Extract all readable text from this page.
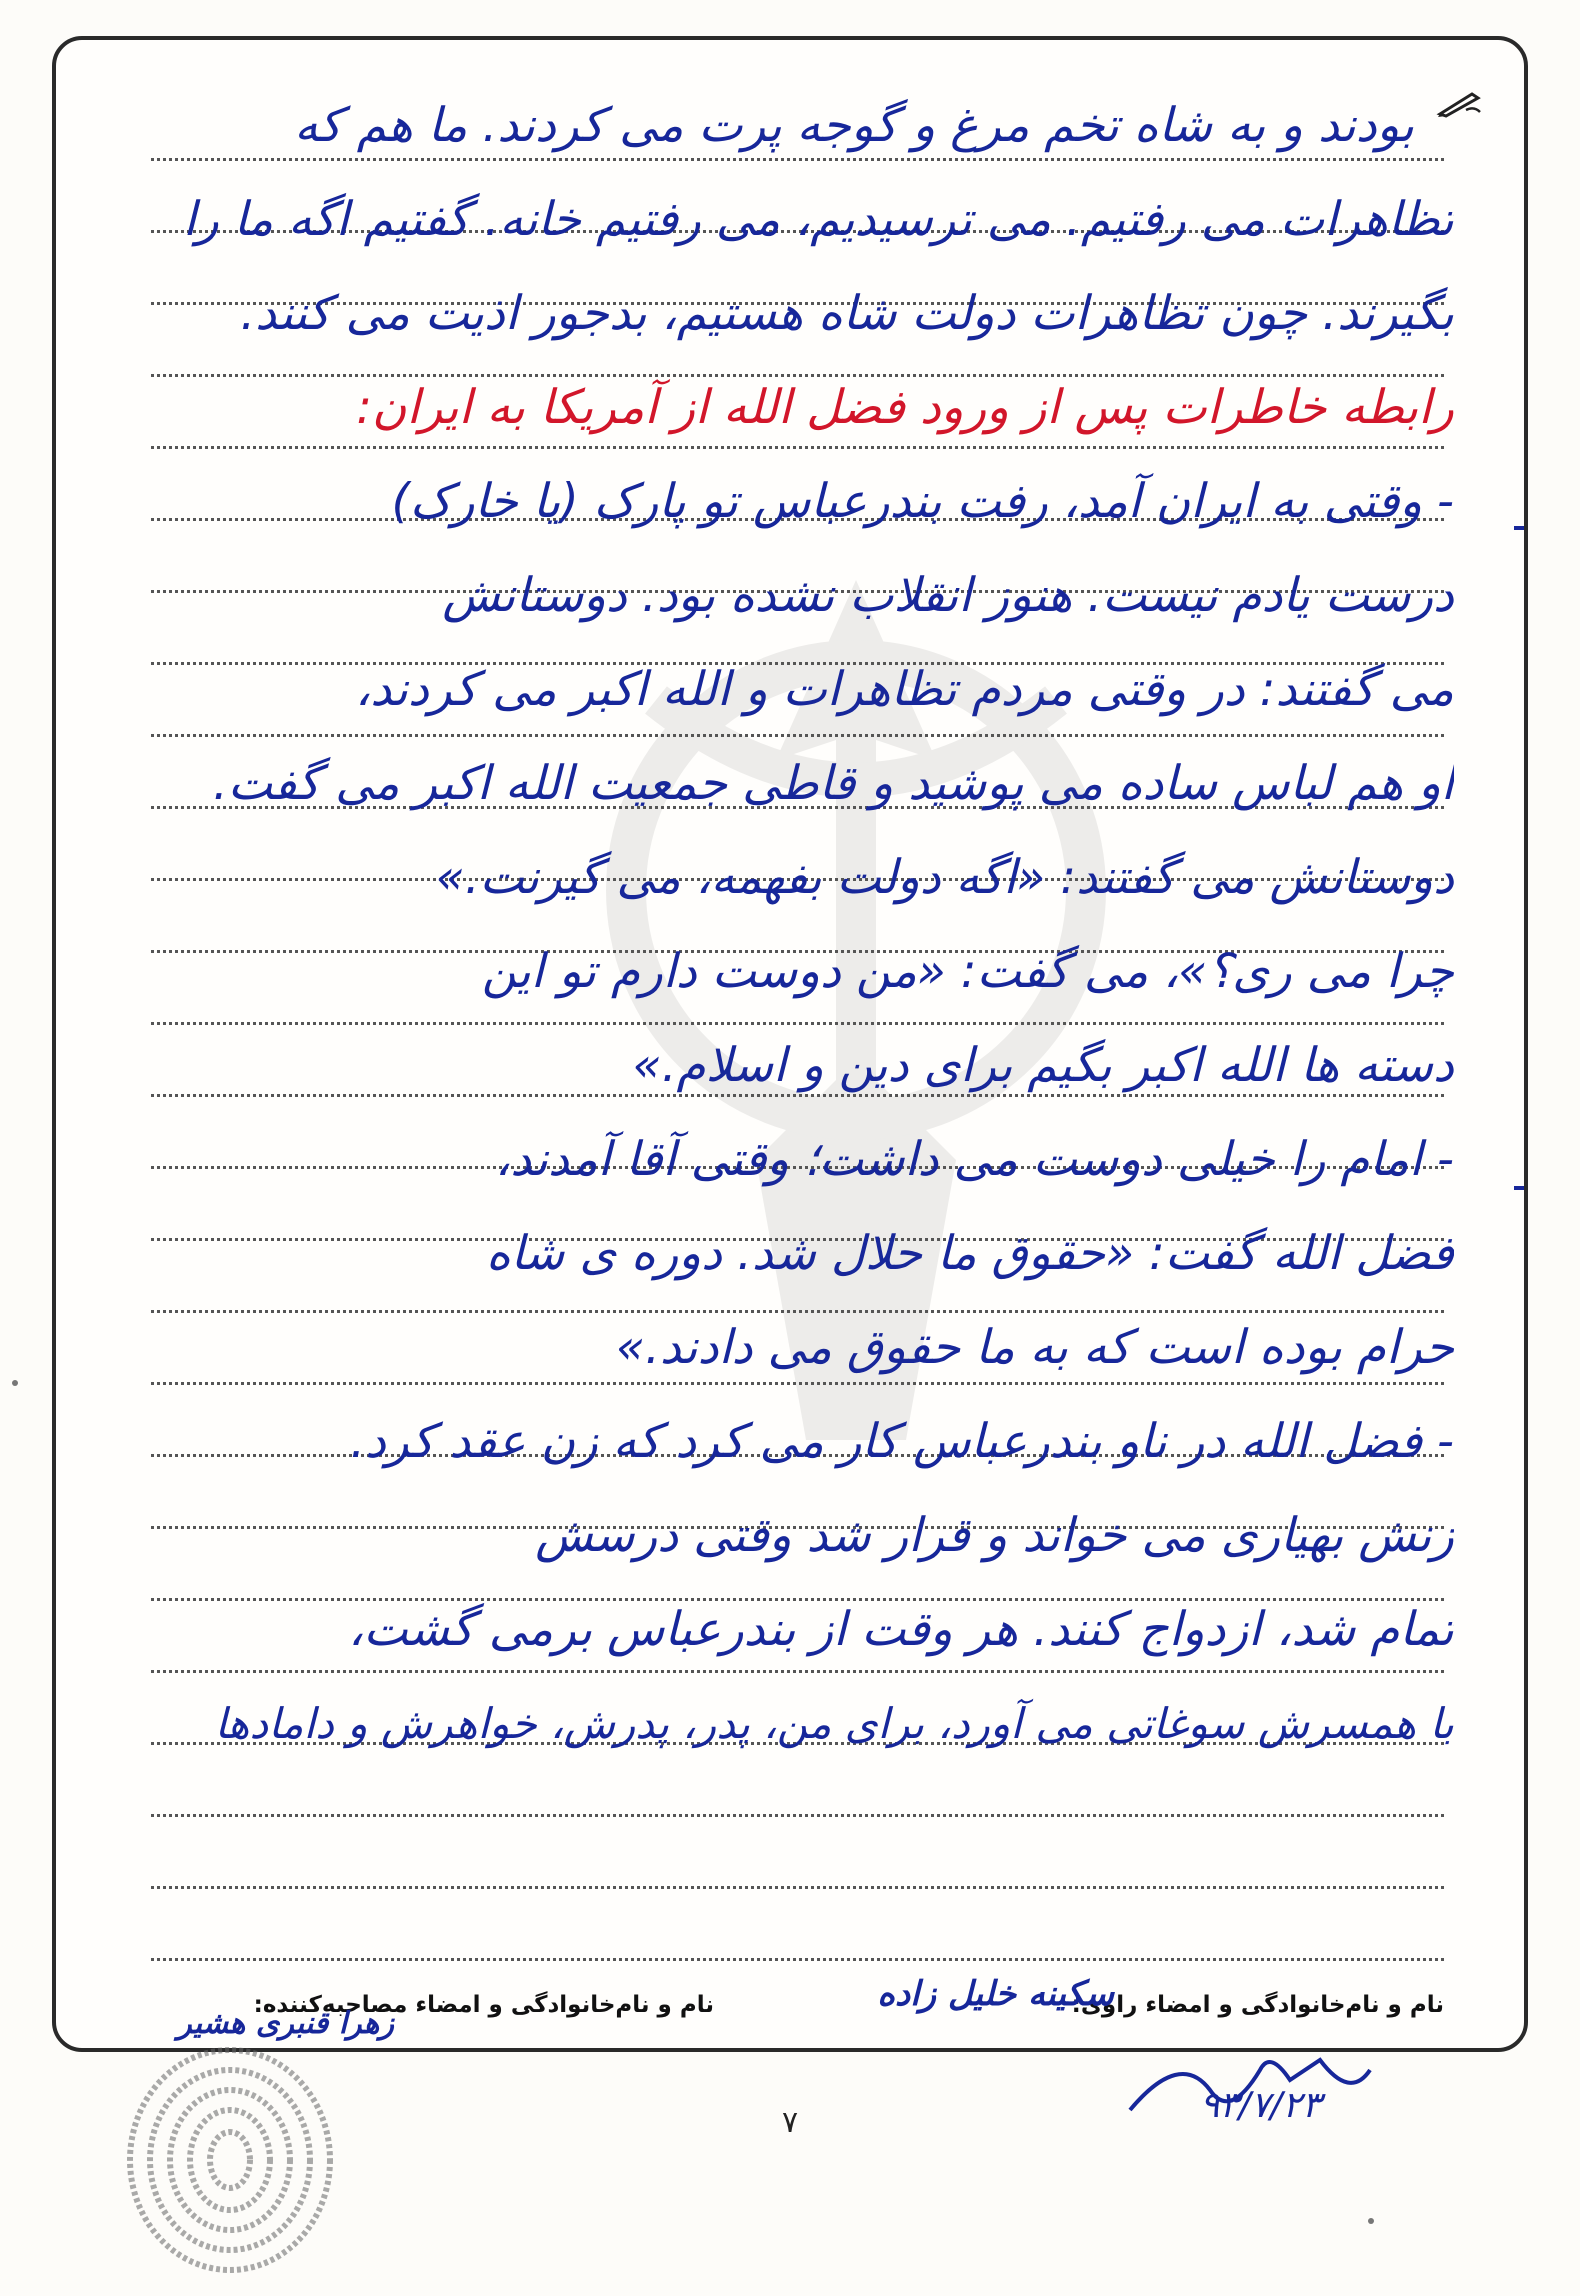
بودند و به شاه تخم مرغ و گوجه پرت می کردند. ما هم که
تظاهرات می رفتیم. می ترسیدیم، می رفتیم خانه. گفتیم اگه ما را
بگیرند. چون تظاهرات دولت شاه هستیم، بدجور اذیت می کنند.
رابطه خاطرات پس از ورود فضل الله از آمریکا به ایران:
- وقتی به ایران آمد، رفت بندرعباس تو پارک (یا خارک)
درست یادم نیست. هنوز انقلاب نشده بود. دوستانش
می گفتند: در وقتی مردم تظاهرات و الله اکبر می کردند،
او هم لباس ساده می پوشید و قاطی جمعیت الله اکبر می گفت.
دوستانش می گفتند: «اگه دولت بفهمه، می گیرنت.»
چرا می ری؟»، می گفت: «من دوست دارم تو این
دسته ها الله اکبر بگیم برای دین و اسلام.»
- امام را خیلی دوست می داشت؛ وقتی آقا آمدند،
فضل الله گفت: «حقوق ما حلال شد. دوره ی شاه
حرام بوده است که به ما حقوق می دادند.»
- فضل الله در ناو بندرعباس کار می کرد که زن عقد کرد.
زنش بهیاری می خواند و قرار شد وقتی درسش
تمام شد، ازدواج کنند. هر وقت از بندرعباس برمی گشت،
با همسرش سوغاتی می آورد، برای من، پدر، پدرش، خواهرش و دامادها
نام و نام‌خانوادگی و امضاء راوی:
سکینه خلیل زاده
نام و نام‌خانوادگی و امضاء مصاحبه‌کننده:
زهرا قنبری هشیر
۹۳/۷/۲۳
۷
